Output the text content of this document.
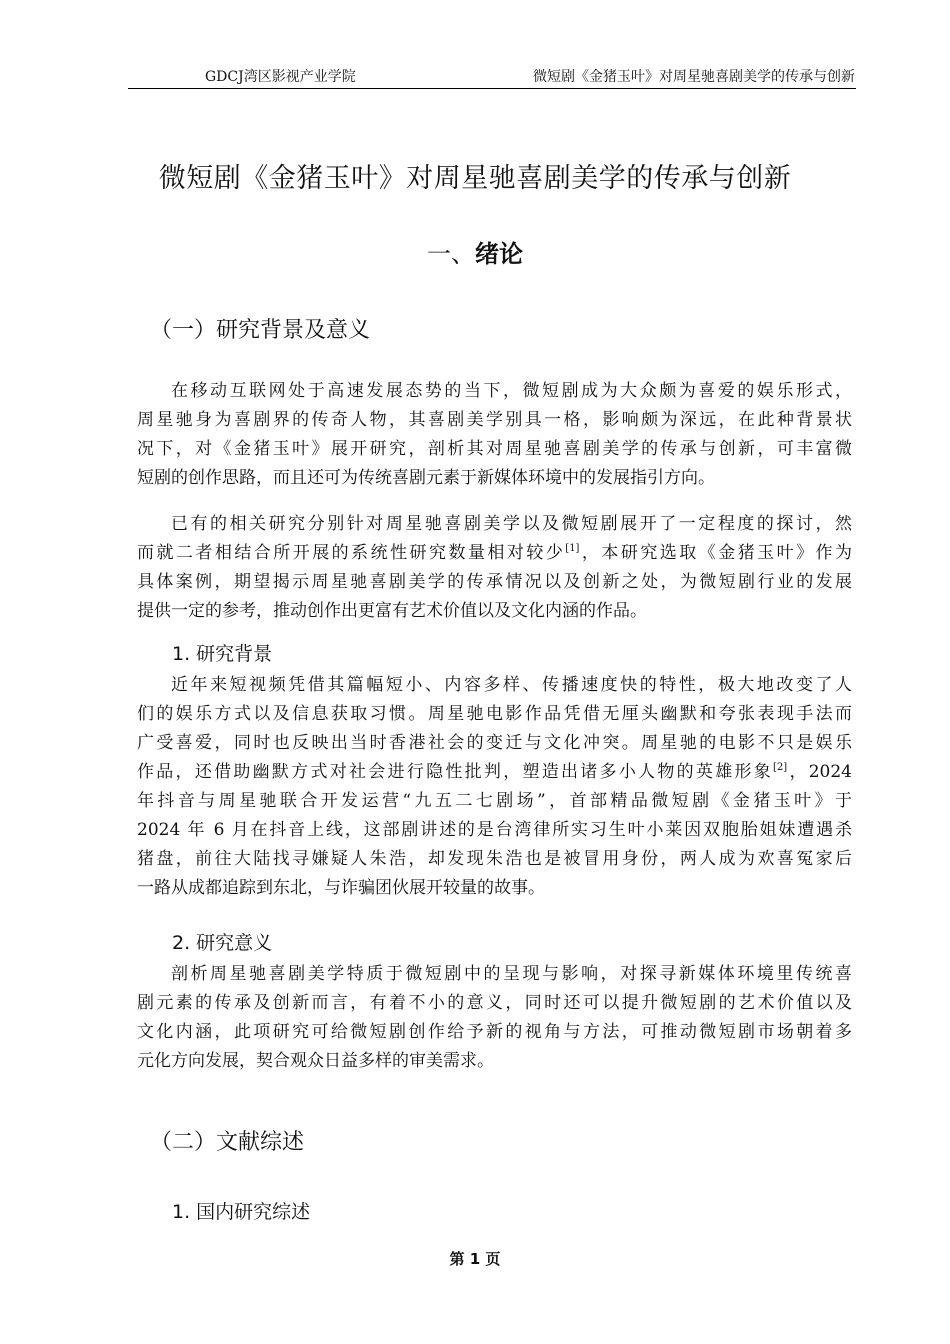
GDCJ湾区影视产业学院	微短剧《金猪玉叶》对周星驰喜剧美学的传承与创新
微短剧《金猪玉叶》对周星驰喜剧美学的传承与创新
一、绪论
（一）研究背景及意义
在移动互联网处于高速发展态势的当下，微短剧成为大众颇为喜爱的娱乐形式，
周星驰身为喜剧界的传奇人物，其喜剧美学别具一格，影响颇为深远，在此种背景状
况下，对《金猪玉叶》展开研究，剖析其对周星驰喜剧美学的传承与创新，可丰富微
短剧的创作思路，而且还可为传统喜剧元素于新媒体环境中的发展指引方向。
已有的相关研究分别针对周星驰喜剧美学以及微短剧展开了一定程度的探讨，然
而就二者相结合所开展的系统性研究数量相对较少[1]，本研究选取《金猪玉叶》作为
具体案例，期望揭示周星驰喜剧美学的传承情况以及创新之处，为微短剧行业的发展
提供一定的参考，推动创作出更富有艺术价值以及文化内涵的作品。
1. 研究背景
近年来短视频凭借其篇幅短小、内容多样、传播速度快的特性，极大地改变了人
们的娱乐方式以及信息获取习惯。周星驰电影作品凭借无厘头幽默和夸张表现手法而
广受喜爱，同时也反映出当时香港社会的变迁与文化冲突。周星驰的电影不只是娱乐
作品，还借助幽默方式对社会进行隐性批判，塑造出诸多小人物的英雄形象[2]，2024
年抖音与周星驰联合开发运营“九五二七剧场”，首部精品微短剧《金猪玉叶》于
2024 年 6 月在抖音上线，这部剧讲述的是台湾律所实习生叶小莱因双胞胎姐妹遭遇杀
猪盘，前往大陆找寻嫌疑人朱浩，却发现朱浩也是被冒用身份，两人成为欢喜冤家后
一路从成都追踪到东北，与诈骗团伙展开较量的故事。
2. 研究意义
剖析周星驰喜剧美学特质于微短剧中的呈现与影响，对探寻新媒体环境里传统喜
剧元素的传承及创新而言，有着不小的意义，同时还可以提升微短剧的艺术价值以及
文化内涵，此项研究可给微短剧创作给予新的视角与方法，可推动微短剧市场朝着多
元化方向发展，契合观众日益多样的审美需求。
（二）文献综述
1. 国内研究综述
第 1 页
